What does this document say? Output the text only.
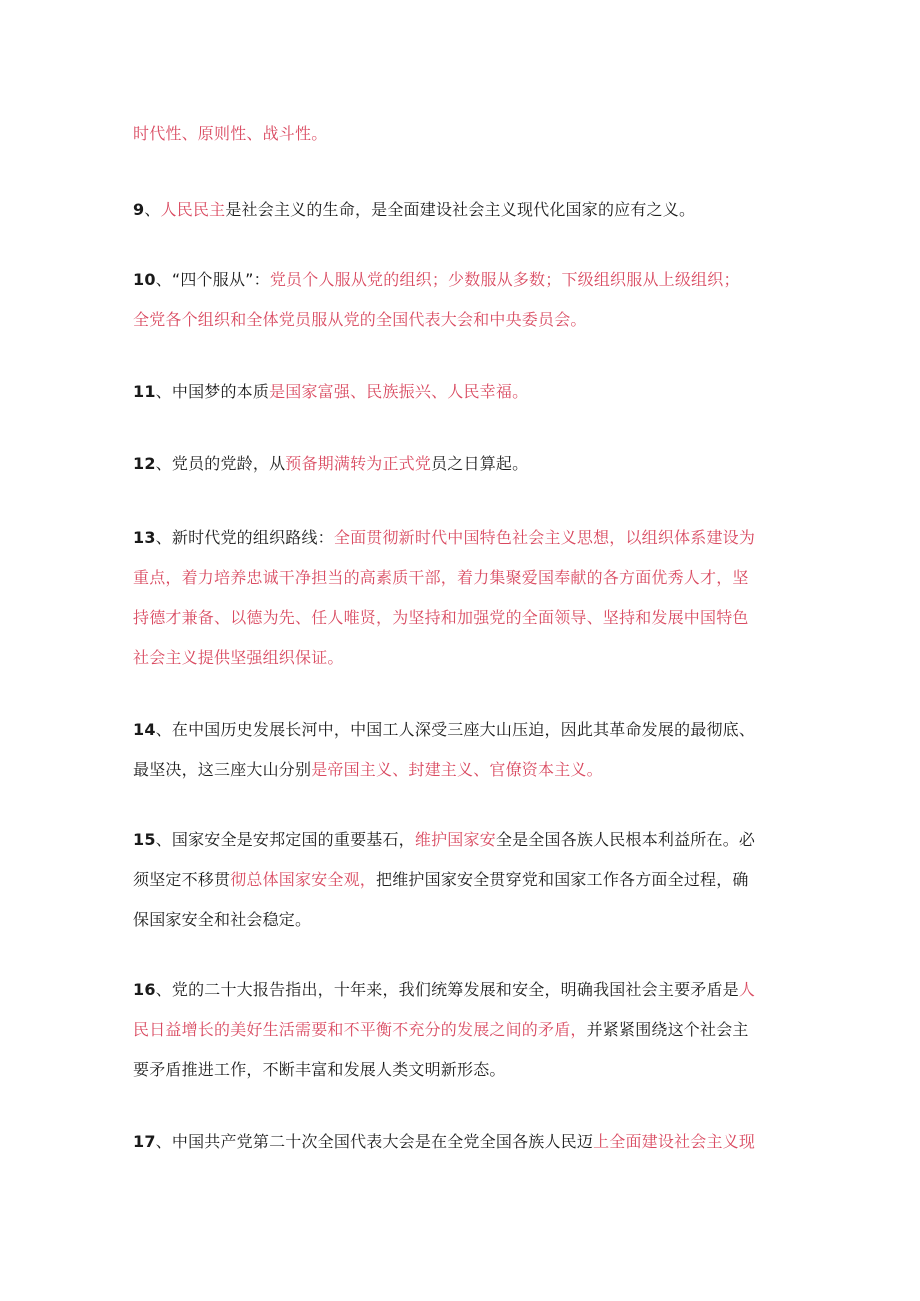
时代性、原则性、战斗性。
9、人民民主是社会主义的生命，是全面建设社会主义现代化国家的应有之义。
10、“四个服从”：党员个人服从党的组织；少数服从多数；下级组织服从上级组织；
全党各个组织和全体党员服从党的全国代表大会和中央委员会。
11、中国梦的本质是国家富强、民族振兴、人民幸福。
12、党员的党龄，从预备期满转为正式党员之日算起。
13、新时代党的组织路线：全面贯彻新时代中国特色社会主义思想，以组织体系建设为
重点，着力培养忠诚干净担当的高素质干部，着力集聚爱国奉献的各方面优秀人才，坚
持德才兼备、以德为先、任人唯贤，为坚持和加强党的全面领导、坚持和发展中国特色
社会主义提供坚强组织保证。
14、在中国历史发展长河中，中国工人深受三座大山压迫，因此其革命发展的最彻底、
最坚决，这三座大山分别是帝国主义、封建主义、官僚资本主义。
15、国家安全是安邦定国的重要基石，维护国家安全是全国各族人民根本利益所在。必
须坚定不移贯彻总体国家安全观，把维护国家安全贯穿党和国家工作各方面全过程，确
保国家安全和社会稳定。
16、党的二十大报告指出，十年来，我们统筹发展和安全，明确我国社会主要矛盾是人
民日益增长的美好生活需要和不平衡不充分的发展之间的矛盾，并紧紧围绕这个社会主
要矛盾推进工作，不断丰富和发展人类文明新形态。
17、中国共产党第二十次全国代表大会是在全党全国各族人民迈上全面建设社会主义现
